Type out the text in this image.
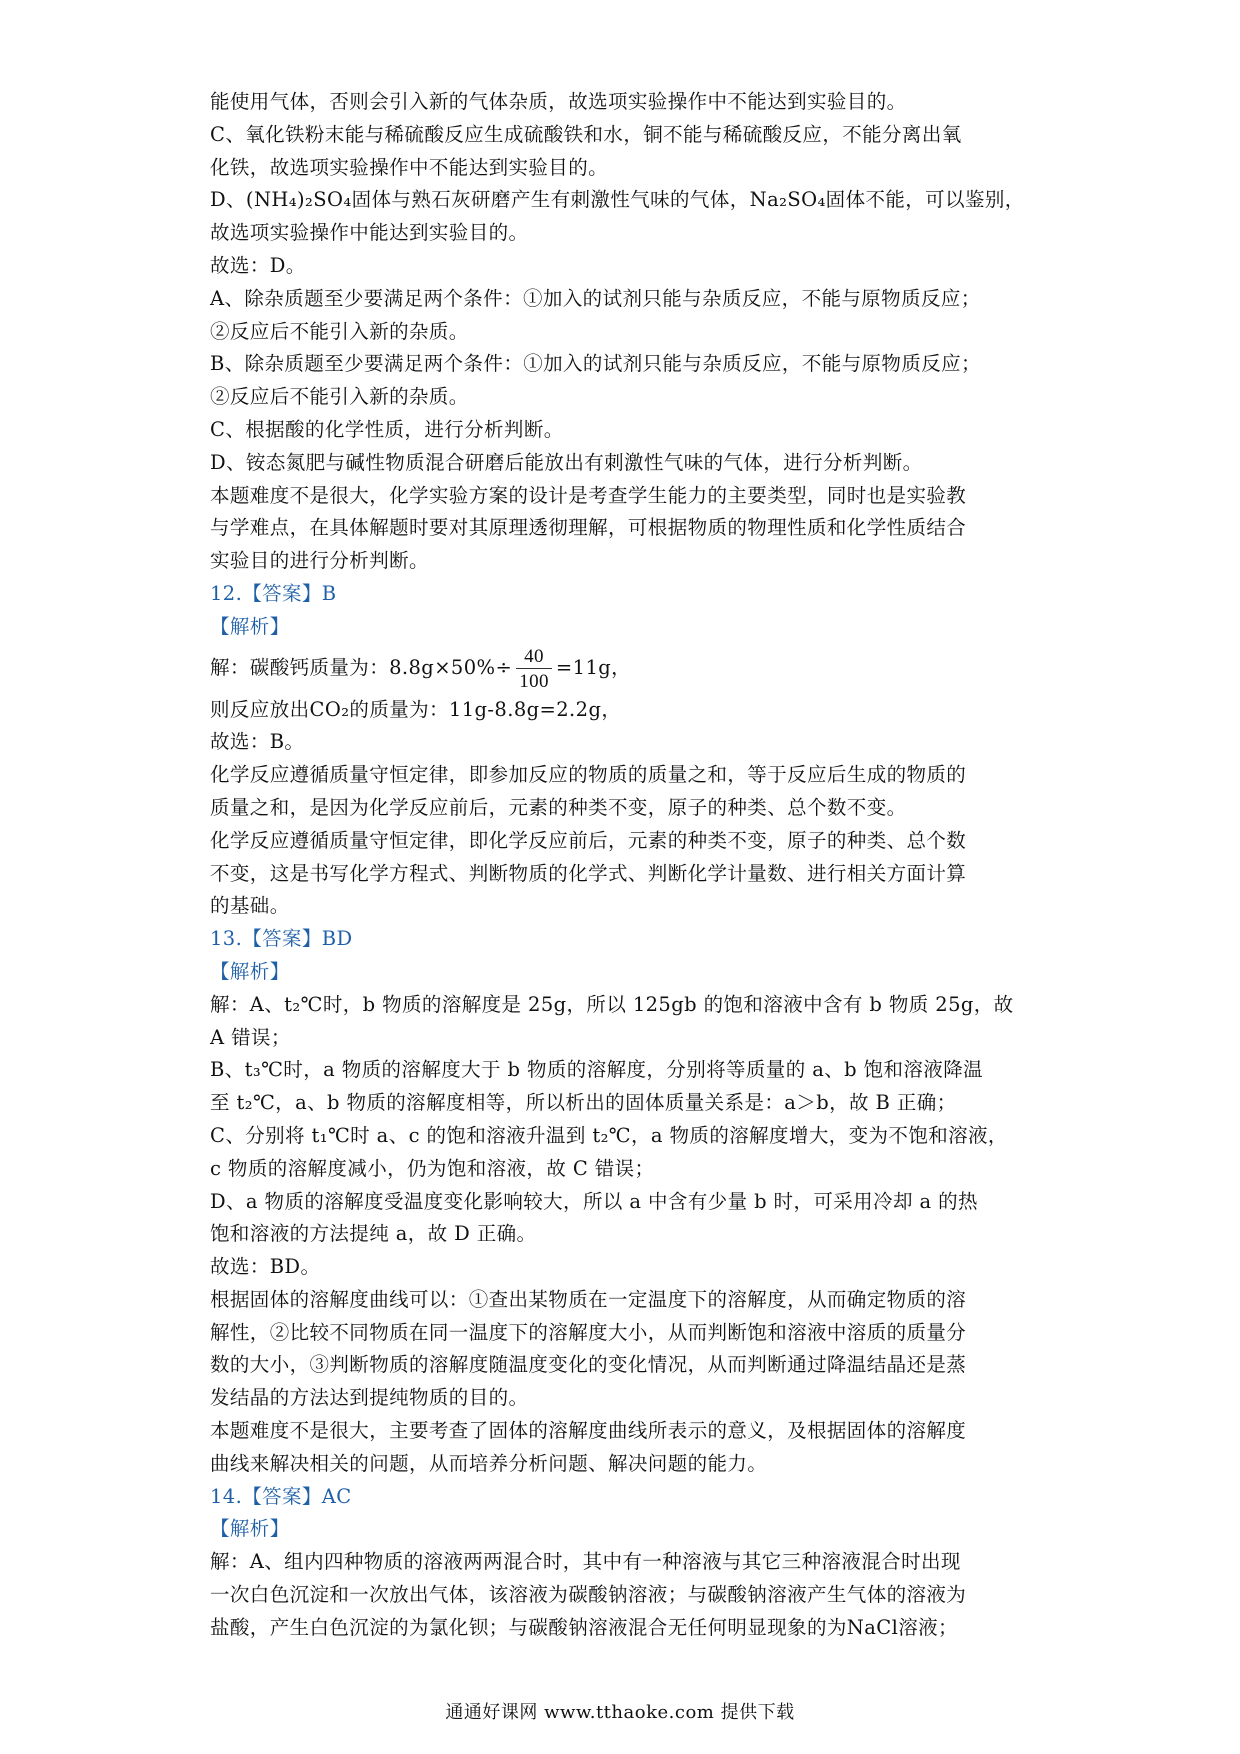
能使用气体，否则会引入新的气体杂质，故选项实验操作中不能达到实验目的。
C、氧化铁粉末能与稀硫酸反应生成硫酸铁和水，铜不能与稀硫酸反应，不能分离出氧
化铁，故选项实验操作中不能达到实验目的。
D、(NH₄)₂SO₄固体与熟石灰研磨产生有刺激性气味的气体，Na₂SO₄固体不能，可以鉴别，
故选项实验操作中能达到实验目的。
故选：D。
A、除杂质题至少要满足两个条件：①加入的试剂只能与杂质反应，不能与原物质反应；
②反应后不能引入新的杂质。
B、除杂质题至少要满足两个条件：①加入的试剂只能与杂质反应，不能与原物质反应；
②反应后不能引入新的杂质。
C、根据酸的化学性质，进行分析判断。
D、铵态氮肥与碱性物质混合研磨后能放出有刺激性气味的气体，进行分析判断。
本题难度不是很大，化学实验方案的设计是考查学生能力的主要类型，同时也是实验教
与学难点，在具体解题时要对其原理透彻理解，可根据物质的物理性质和化学性质结合
实验目的进行分析判断。
12.【答案】B
【解析】
解：碳酸钙质量为：$8.8g\times 50\%\div \frac{40}{100} =11g$，
则反应放出CO₂的质量为：11g-8.8g=2.2g，
故选：B。
化学反应遵循质量守恒定律，即参加反应的物质的质量之和，等于反应后生成的物质的
质量之和，是因为化学反应前后，元素的种类不变，原子的种类、总个数不变。
化学反应遵循质量守恒定律，即化学反应前后，元素的种类不变，原子的种类、总个数
不变，这是书写化学方程式、判断物质的化学式、判断化学计量数、进行相关方面计算
的基础。
13.【答案】BD
【解析】
解：A、t₂℃时，b 物质的溶解度是 25g，所以 125gb 的饱和溶液中含有 b 物质 25g，故
A 错误；
B、t₃℃时，a 物质的溶解度大于 b 物质的溶解度，分别将等质量的 a、b 饱和溶液降温
至 t₂℃，a、b 物质的溶解度相等，所以析出的固体质量关系是：a＞b，故 B 正确；
C、分别将 t₁℃时 a、c 的饱和溶液升温到 t₂℃，a 物质的溶解度增大，变为不饱和溶液，
c 物质的溶解度减小，仍为饱和溶液，故 C 错误；
D、a 物质的溶解度受温度变化影响较大，所以 a 中含有少量 b 时，可采用冷却 a 的热
饱和溶液的方法提纯 a，故 D 正确。
故选：BD。
根据固体的溶解度曲线可以：①查出某物质在一定温度下的溶解度，从而确定物质的溶
解性，②比较不同物质在同一温度下的溶解度大小，从而判断饱和溶液中溶质的质量分
数的大小，③判断物质的溶解度随温度变化的变化情况，从而判断通过降温结晶还是蒸
发结晶的方法达到提纯物质的目的。
本题难度不是很大，主要考查了固体的溶解度曲线所表示的意义，及根据固体的溶解度
曲线来解决相关的问题，从而培养分析问题、解决问题的能力。
14.【答案】AC
【解析】
解：A、组内四种物质的溶液两两混合时，其中有一种溶液与其它三种溶液混合时出现
一次白色沉淀和一次放出气体，该溶液为碳酸钠溶液；与碳酸钠溶液产生气体的溶液为
盐酸，产生白色沉淀的为氯化钡；与碳酸钠溶液混合无任何明显现象的为NaCl溶液；
通通好课网 www.tthaoke.com 提供下载
